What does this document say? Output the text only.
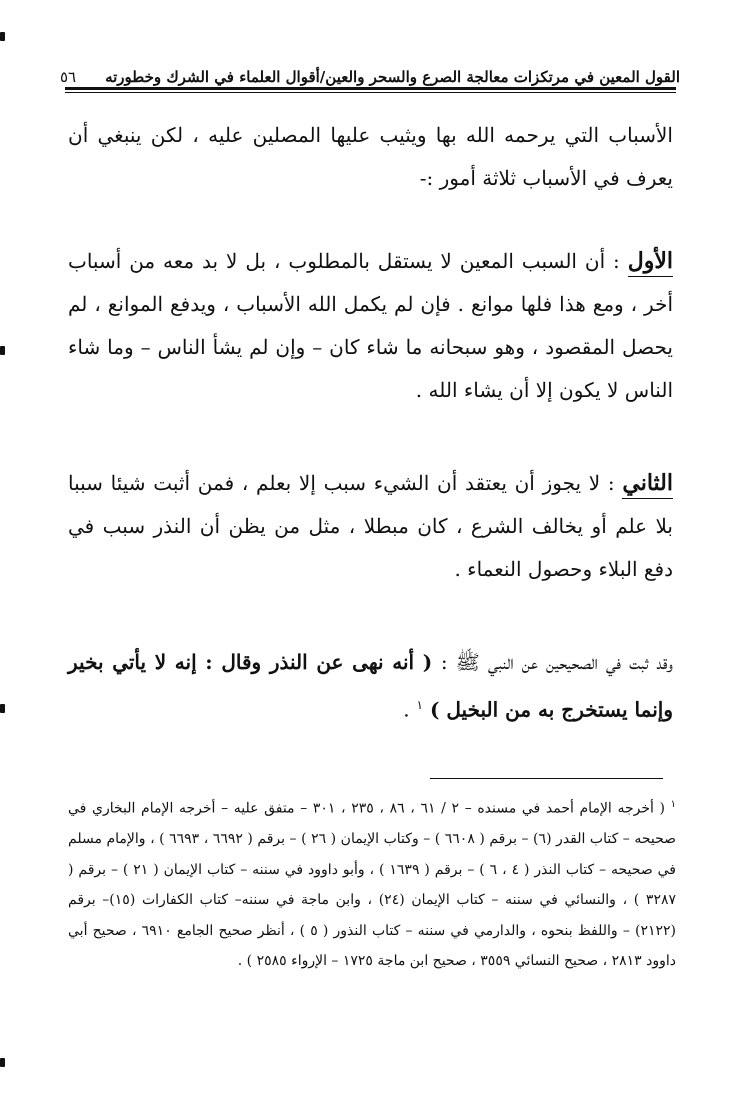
القول المعين في مرتكزات معالجة الصرع والسحر والعين/أقوال العلماء في الشرك وخطورته
٥٦
الأسباب التي يرحمه الله بها ويثيب عليها المصلين عليه ، لكن ينبغي أن يعرف في الأسباب ثلاثة أمور :-
الأول : أن السبب المعين لا يستقل بالمطلوب ، بل لا بد معه من أسباب أخر ، ومع هذا فلها موانع . فإن لم يكمل الله الأسباب ، ويدفع الموانع ، لم يحصل المقصود ، وهو سبحانه ما شاء كان – وإن لم يشأ الناس – وما شاء الناس لا يكون إلا أن يشاء الله .
الثاني : لا يجوز أن يعتقد أن الشيء سبب إلا بعلم ، فمن أثبت شيئا سببا بلا علم أو يخالف الشرع ، كان مبطلا ، مثل من يظن أن النذر سبب في دفع البلاء وحصول النعماء .
وقد ثبت في الصحيحين عن النبي ﷺ : ( أنه نهى عن النذر وقال : إنه لا يأتي بخير وإنما يستخرج به من البخيل ) $^١$ .
$^١$ ( أخرجه الإمام أحمد في مسنده – ٢ / ٦١ ، ٨٦ ، ٢٣٥ ، ٣٠١ – متفق عليه – أخرجه الإمام البخاري في صحيحه – كتاب القدر (٦) – برقم ( ٦٦٠٨ ) – وكتاب الإيمان ( ٢٦ ) – برقم ( ٦٦٩٢ ، ٦٦٩٣ ) ، والإمام مسلم في صحيحه – كتاب النذر ( ٤ ، ٦ ) – برقم ( ١٦٣٩ ) ، وأبو داوود في سننه – كتاب الإيمان ( ٢١ ) – برقم ( ٣٢٨٧ ) ، والنسائي في سننه – كتاب الإيمان (٢٤) ، وابن ماجة في سننه– كتاب الكفارات (١٥)– برقم (٢١٢٢) – واللفظ بنحوه ، والدارمي في سننه – كتاب النذور ( ٥ ) ، أنظر صحيح الجامع ٦٩١٠ ، صحيح أبي داوود ٢٨١٣ ، صحيح النسائي ٣٥٥٩ ، صحيح ابن ماجة ١٧٢٥ – الإرواء ٢٥٨٥ ) .
